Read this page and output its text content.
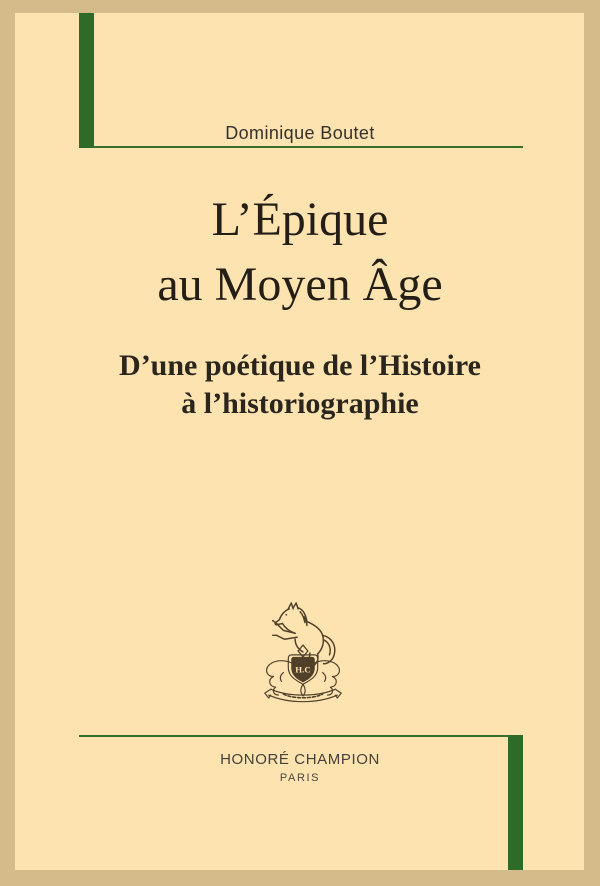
Dominique Boutet
L’Épique
au Moyen Âge
D’une poétique de l’Histoire
à l’historiographie
H.C
HONORÉ CHAMPION
PARIS
